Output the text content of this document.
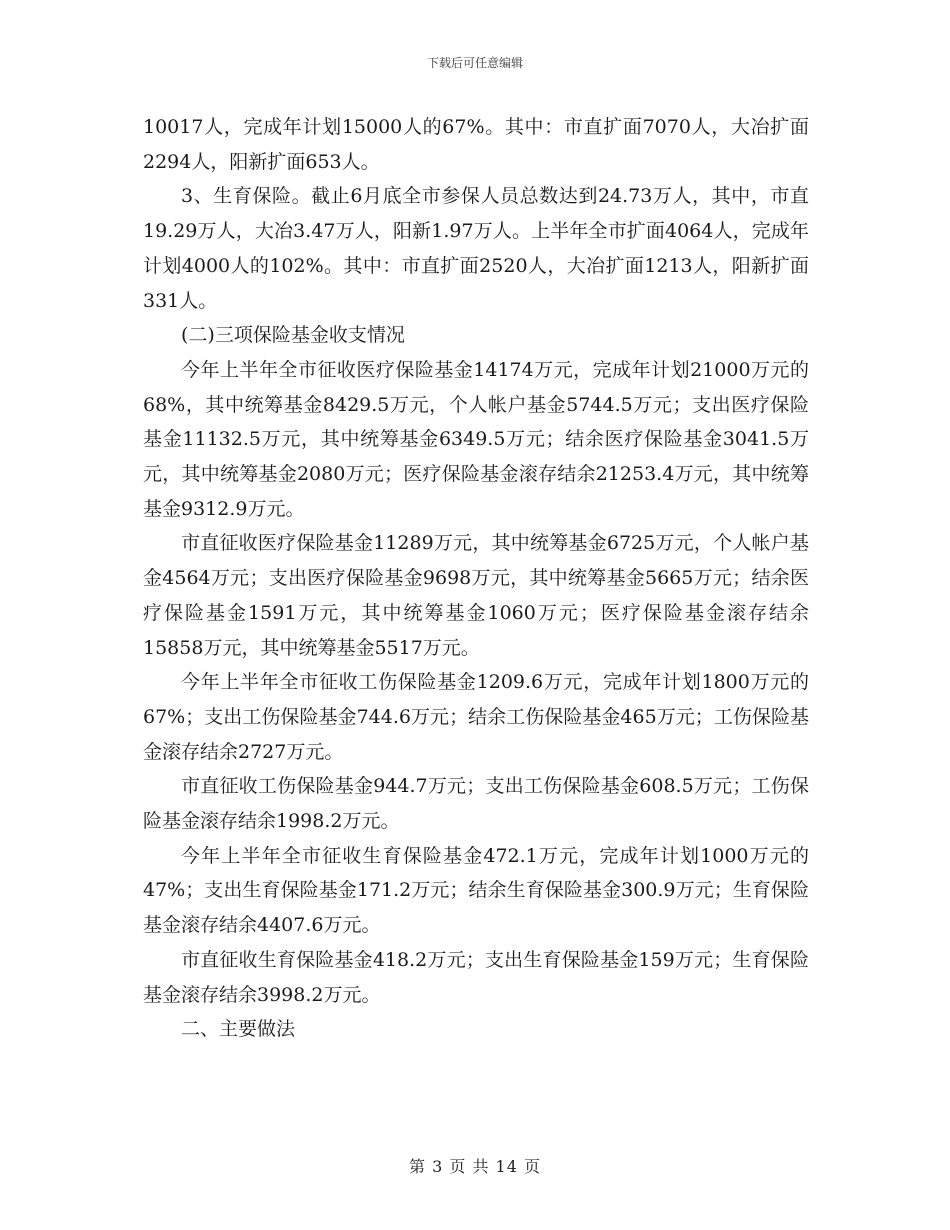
下载后可任意编辑

10017人，完成年计划15000人的67%。其中：市直扩面7070人，大冶扩面2294人，阳新扩面653人。

3、生育保险。截止6月底全市参保人员总数达到24.73万人，其中，市直19.29万人，大冶3.47万人，阳新1.97万人。上半年全市扩面4064人，完成年计划4000人的102%。其中：市直扩面2520人，大冶扩面1213人，阳新扩面331人。

(二)三项保险基金收支情况

今年上半年全市征收医疗保险基金14174万元，完成年计划21000万元的68%，其中统筹基金8429.5万元，个人帐户基金5744.5万元；支出医疗保险基金11132.5万元，其中统筹基金6349.5万元；结余医疗保险基金3041.5万元，其中统筹基金2080万元；医疗保险基金滚存结余21253.4万元，其中统筹基金9312.9万元。

市直征收医疗保险基金11289万元，其中统筹基金6725万元，个人帐户基金4564万元；支出医疗保险基金9698万元，其中统筹基金5665万元；结余医疗保险基金1591万元，其中统筹基金1060万元；医疗保险基金滚存结余15858万元，其中统筹基金5517万元。

今年上半年全市征收工伤保险基金1209.6万元，完成年计划1800万元的67%；支出工伤保险基金744.6万元；结余工伤保险基金465万元；工伤保险基金滚存结余2727万元。

市直征收工伤保险基金944.7万元；支出工伤保险基金608.5万元；工伤保险基金滚存结余1998.2万元。

今年上半年全市征收生育保险基金472.1万元，完成年计划1000万元的47%；支出生育保险基金171.2万元；结余生育保险基金300.9万元；生育保险基金滚存结余4407.6万元。

市直征收生育保险基金418.2万元；支出生育保险基金159万元；生育保险基金滚存结余3998.2万元。

二、主要做法

第 3 页 共 14 页
